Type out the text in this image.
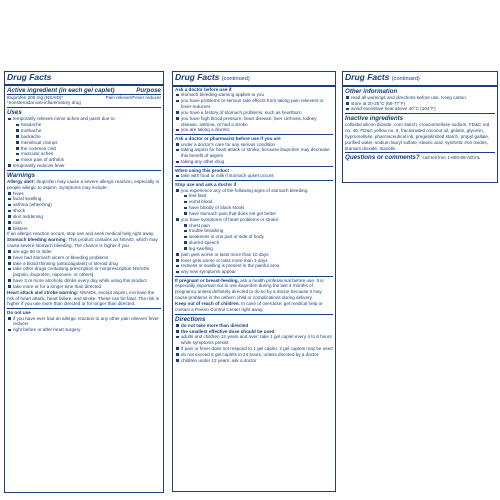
Drug Facts
Active ingredient (in each gel caplet)	Purpose
Ibuprofen 200 mg (NSAID)*	Pain reliever/Fever reducer
*nonsteroidal anti-inflammatory drug
Uses
temporarily relieves minor aches and pains due to:
headache
toothache
backache
menstrual cramps
the common cold
muscular aches
minor pain of arthritis
temporarily reduces fever
Warnings
Allergy alert: Ibuprofen may cause a severe allergic reaction, especially in people allergic to aspirin. Symptoms may include:
hives
facial swelling
asthma (wheezing)
shock
skin reddening
rash
blisters
If an allergic reaction occurs, stop use and seek medical help right away.
Stomach bleeding warning: This product contains an NSAID, which may cause severe stomach bleeding. The chance is higher if you
are age 60 or older
have had stomach ulcers or bleeding problems
take a blood thinning (anticoagulant) or steroid drug
take other drugs containing prescription or nonprescription NSAIDs [aspirin, ibuprofen, naproxen, or others]
have 3 or more alcoholic drinks every day while using this product
take more or for a longer time than directed
Heart attack and stroke warning: NSAIDs, except aspirin, increase the risk of heart attack, heart failure, and stroke. These can be fatal. The risk is higher if you use more than directed or for longer than directed.
Do not use
if you have ever had an allergic reaction to any other pain reliever/ fever reducer
right before or after heart surgery
Drug Facts (continued)
Ask a doctor before use if
stomach bleeding warning applies to you
you have problems or serious side effects from taking pain relievers or fever reducers
you have a history of stomach problems, such as heartburn
you have high blood pressure, heart disease, liver cirrhosis, kidney disease, asthma, or had a stroke
you are taking a diuretic
Ask a doctor or pharmacist before use if you are
under a doctor's care for any serious condition
taking aspirin for heart attack or stroke, because ibuprofen may decrease this benefit of aspirin
taking any other drug
When using this product
take with food or milk if stomach upset occurs
Stop use and ask a doctor if
you experience any of the following signs of stomach bleeding:
feel faint
vomit blood
have bloody or black stools
have stomach pain that does not get better
you have symptoms of heart problems or stroke:
chest pain
trouble breathing
weakness in one part or side of body
slurred speech
leg swelling
pain gets worse or lasts more than 10 days
fever gets worse or lasts more than 3 days
redness or swelling is present in the painful area
any new symptoms appear
If pregnant or breast-feeding, ask a health professional before use. It is especially important not to use ibuprofen during the last 3 months of pregnancy unless definitely directed to do so by a doctor because it may cause problems in the unborn child or complications during delivery.
Keep out of reach of children. In case of overdose, get medical help or contact a Poison Control Center right away.
Directions
do not take more than directed
the smallest effective dose should be used
adults and children 12 years and over: take 1 gel caplet every 4 to 6 hours while symptoms persist
if pain or fever does not respond to 1 gel caplet, 2 gel caplets may be used
do not exceed 6 gel caplets in 24 hours, unless directed by a doctor
children under 12 years: ask a doctor
Drug Facts (continued)
Other information
read all warnings and directions before use. Keep carton.
store at 20-25°C (68-77°F)
avoid excessive heat above 40°C (104°F)
Inactive ingredients
colloidal silicon dioxide, corn starch, croscarmellose sodium, FD&C red no. 40, FD&C yellow no. 6, fractionated coconut oil, gelatin, glycerin, hypromellose, pharmaceutical ink, pregelatinized starch, propyl gallate, purified water, sodium lauryl sulfate, stearic acid, synthetic iron oxides, titanium dioxide, triacetin
Questions or comments? call toll free 1-800-88-ADVIL
